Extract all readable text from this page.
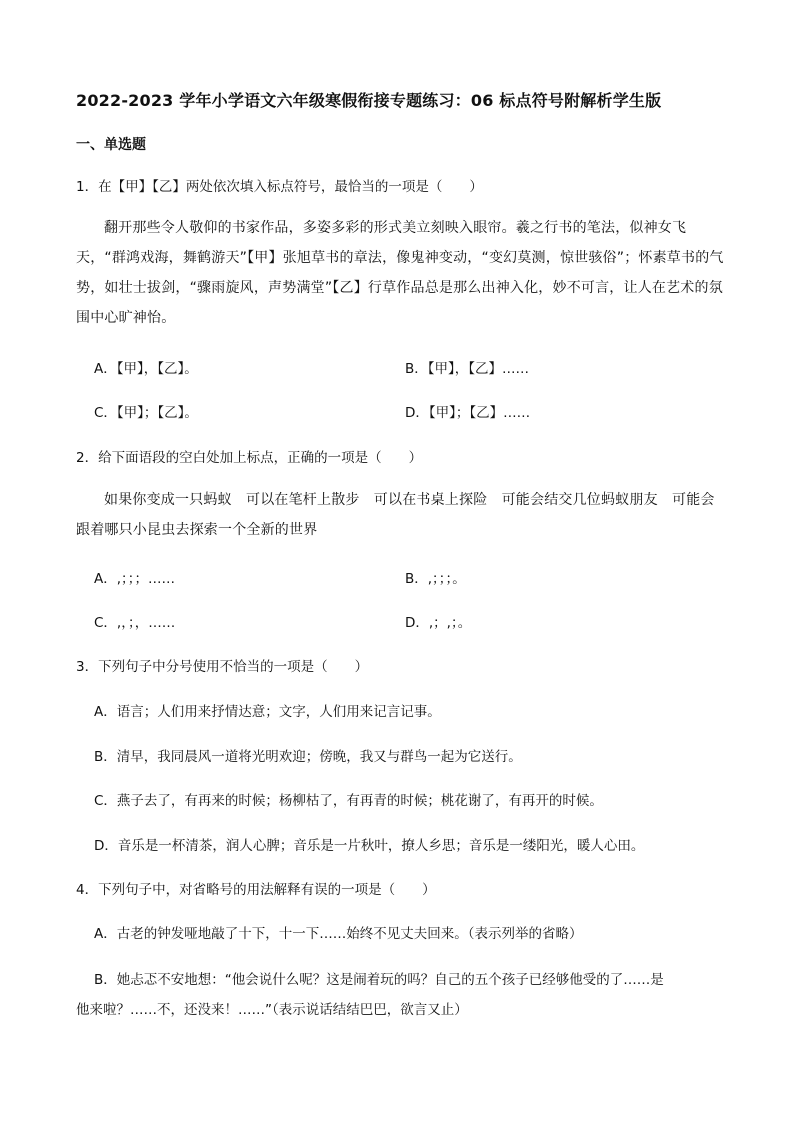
2022-2023 学年小学语文六年级寒假衔接专题练习：06 标点符号附解析学生版
一、单选题
1．在【甲】【乙】两处依次填入标点符号，最恰当的一项是（　　）
翻开那些令人敬仰的书家作品，多姿多彩的形式美立刻映入眼帘。羲之行书的笔法，似神女飞天，“群鸿戏海，舞鹤游天”【甲】张旭草书的章法，像鬼神变动，“变幻莫测，惊世骇俗”；怀素草书的气势，如壮士拔剑，“骤雨旋风，声势满堂”【乙】行草作品总是那么出神入化，妙不可言，让人在艺术的氛围中心旷神怡。
A．【甲】，【乙】。	B．【甲】，【乙】……
C．【甲】；【乙】。	D．【甲】；【乙】……
2．给下面语段的空白处加上标点，正确的一项是（　　）
如果你变成一只蚂蚁　可以在笔杆上散步　可以在书桌上探险　可能会结交几位蚂蚁朋友　可能会跟着哪只小昆虫去探索一个全新的世界
A．,；；；……	B．,；；；。
C．,，；，……	D．,；,；。
3．下列句子中分号使用不恰当的一项是（　　）
A．语言；人们用来抒情达意；文字，人们用来记言记事。
B．清早，我同晨风一道将光明欢迎；傍晚，我又与群鸟一起为它送行。
C．燕子去了，有再来的时候；杨柳枯了，有再青的时候；桃花谢了，有再开的时候。
D．音乐是一杯清茶，润人心脾；音乐是一片秋叶，撩人乡思；音乐是一缕阳光，暖人心田。
4．下列句子中，对省略号的用法解释有误的一项是（　　）
A．古老的钟发哑地敲了十下，十一下……始终不见丈夫回来。（表示列举的省略）
B．她忐忑不安地想：“他会说什么呢？这是闹着玩的吗？自己的五个孩子已经够他受的了……是
他来啦？……不，还没来！……”（表示说话结结巴巴，欲言又止）
